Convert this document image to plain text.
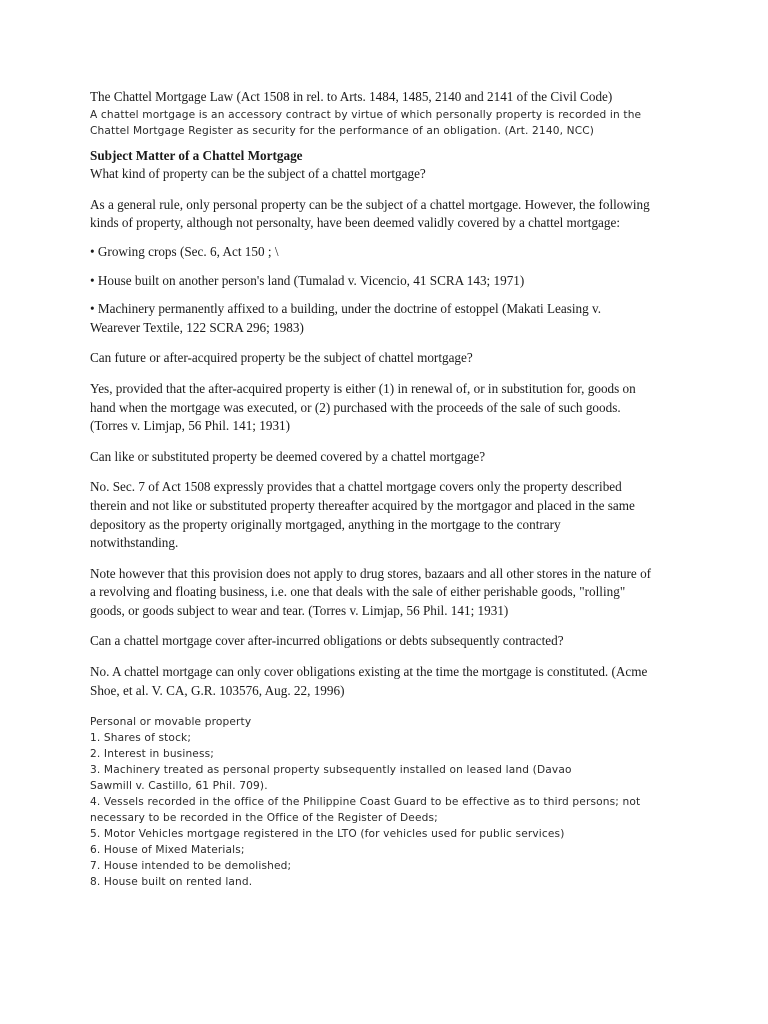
The Chattel Mortgage Law (Act 1508 in rel. to Arts. 1484, 1485, 2140 and 2141 of the Civil Code)

A chattel mortgage is an accessory contract by virtue of which personally property is recorded in the
Chattel Mortgage Register as security for the performance of an obligation. (Art. 2140, NCC)

Subject Matter of a Chattel Mortgage

What kind of property can be the subject of a chattel mortgage?

As a general rule, only personal property can be the subject of a chattel mortgage. However, the following
kinds of property, although not personalty, have been deemed validly covered by a chattel mortgage:
• Growing crops (Sec. 6, Act 150 ; \
• House built on another person's land (Tumalad v. Vicencio, 41 SCRA 143; 1971)
• Machinery permanently affixed to a building, under the doctrine of estoppel (Makati Leasing v.
Wearever Textile, 122 SCRA 296; 1983)

Can future or after-acquired property be the subject of chattel mortgage?

Yes, provided that the after-acquired property is either (1) in renewal of, or in substitution for, goods on
hand when the mortgage was executed, or (2) purchased with the proceeds of the sale of such goods.
(Torres v. Limjap, 56 Phil. 141; 1931)

Can like or substituted property be deemed covered by a chattel mortgage?

No. Sec. 7 of Act 1508 expressly provides that a chattel mortgage covers only the property described
therein and not like or substituted property thereafter acquired by the mortgagor and placed in the same
depository as the property originally mortgaged, anything in the mortgage to the contrary
notwithstanding.
Note however that this provision does not apply to drug stores, bazaars and all other stores in the nature of
a revolving and floating business, i.e. one that deals with the sale of either perishable goods, "rolling"
goods, or goods subject to wear and tear. (Torres v. Limjap, 56 Phil. 141; 1931)

Can a chattel mortgage cover after-incurred obligations or debts subsequently contracted?

No. A chattel mortgage can only cover obligations existing at the time the mortgage is constituted. (Acme
Shoe, et al. V. CA, G.R. 103576, Aug. 22, 1996)
Personal or movable property
1. Shares of stock;
2. Interest in business;
3. Machinery treated as personal property subsequently installed on leased land (Davao
Sawmill v. Castillo, 61 Phil. 709).
4. Vessels recorded in the office of the Philippine Coast Guard to be effective as to third persons; not
necessary to be recorded in the Office of the Register of Deeds;
5. Motor Vehicles mortgage registered in the LTO (for vehicles used for public services)
6. House of Mixed Materials;
7. House intended to be demolished;
8. House built on rented land.
